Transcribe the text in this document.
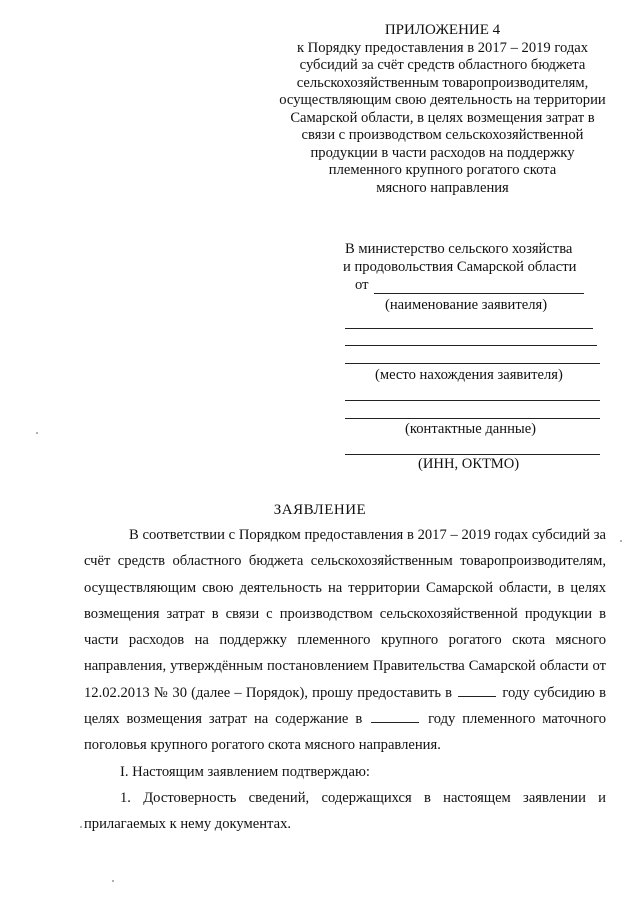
ПРИЛОЖЕНИЕ 4
к Порядку предоставления в 2017 – 2019 годах
субсидий за счёт средств областного бюджета
сельскохозяйственным товаропроизводителям,
осуществляющим свою деятельность на территории
Самарской области, в целях возмещения затрат в
связи с производством сельскохозяйственной
продукции в части расходов на поддержку
племенного крупного рогатого скота
мясного направления
В министерство сельского хозяйства
и продовольствия Самарской области
от
(наименование заявителя)
(место нахождения заявителя)
(контактные данные)
(ИНН, ОКТМО)
ЗАЯВЛЕНИЕ

В соответствии с Порядком предоставления в 2017 – 2019 годах субсидий за счёт средств областного бюджета сельскохозяйственным товаропроизводителям, осуществляющим свою деятельность на территории Самарской области, в целях возмещения затрат в связи с производством сельскохозяйственной продукции в части расходов на поддержку племенного крупного рогатого скота мясного направления, утверждённым постановлением Правительства Самарской области от 12.02.2013 № 30 (далее – Порядок), прошу предоставить в	году субсидию в целях возмещения затрат на содержание в	году племенного маточного поголовья крупного рогатого скота мясного направления.

I. Настоящим заявлением подтверждаю:

1. Достоверность сведений, содержащихся в настоящем заявлении и прилагаемых к нему документах.
